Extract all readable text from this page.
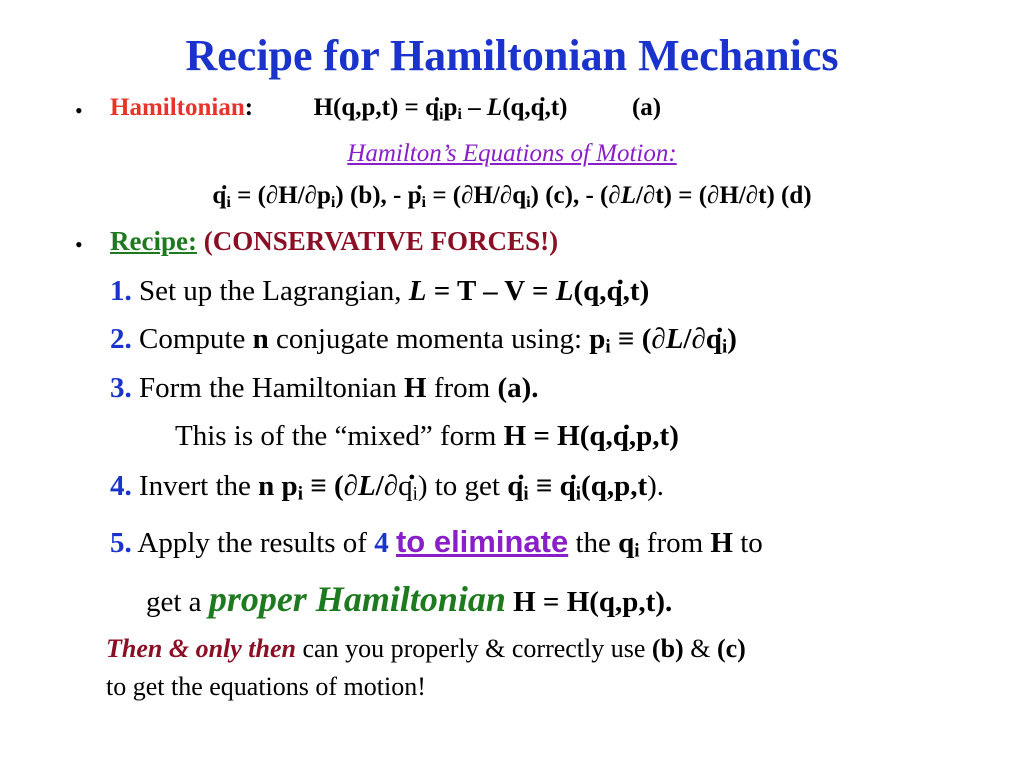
Recipe for Hamiltonian Mechanics
• Hamiltonian: H(q,p,t) = . $q_ip_i - L(q$,. q,t)	(a)
Hamilton’s Equations of Motion:
. $q_i = (\partial H/\partial p_i)$ (b), - . $p_i = (\partial H/\partial q_i)$ (c), - (∂L/∂t) = (∂H/∂t) (d)
• Recipe: (CONSERVATIVE FORCES!)
1. Set up the Lagrangian, L = T – V = L(q,. q,t)
2. Compute n conjugate momenta using: $p_i \equiv (\partial L/\partial$. $q_i$)
3. Form the Hamiltonian H from (a).
This is of the “mixed” form H = H(q,. q,p,t)
4. Invert the n $p_i \equiv (\partial L/\partial$. $q_i$) to get . $q_i$ ≡ . $q_i(q,p,t)$.
5. Apply the results of 4 to eliminate the $q_i$ from H to
get a proper Hamiltonian H = H(q,p,t).
Then & only then can you properly & correctly use (b) & (c)
to get the equations of motion!
